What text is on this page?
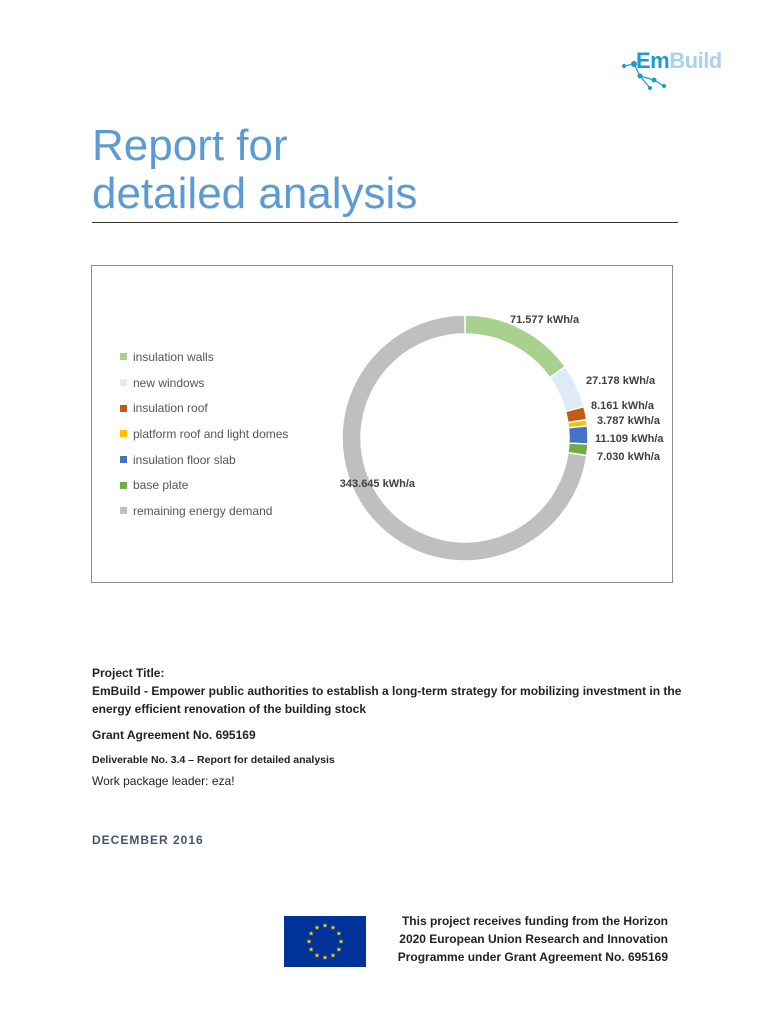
EmBuild
Report for
detailed analysis
insulation walls
new windows
insulation roof
platform roof and light domes
insulation floor slab
base plate
remaining energy demand
71.577 kWh/a
27.178 kWh/a
8.161 kWh/a
3.787 kWh/a
11.109 kWh/a
7.030 kWh/a
343.645 kWh/a

Project Title:

EmBuild - Empower public authorities to establish a long-term strategy for mobilizing investment in the energy efficient renovation of the building stock

Grant Agreement No. 695169

Deliverable No. 3.4 – Report for detailed analysis

Work package leader: eza!

DECEMBER 2016
This project receives funding from the Horizon
2020 European Union Research and Innovation
Programme under Grant Agreement No. 695169
